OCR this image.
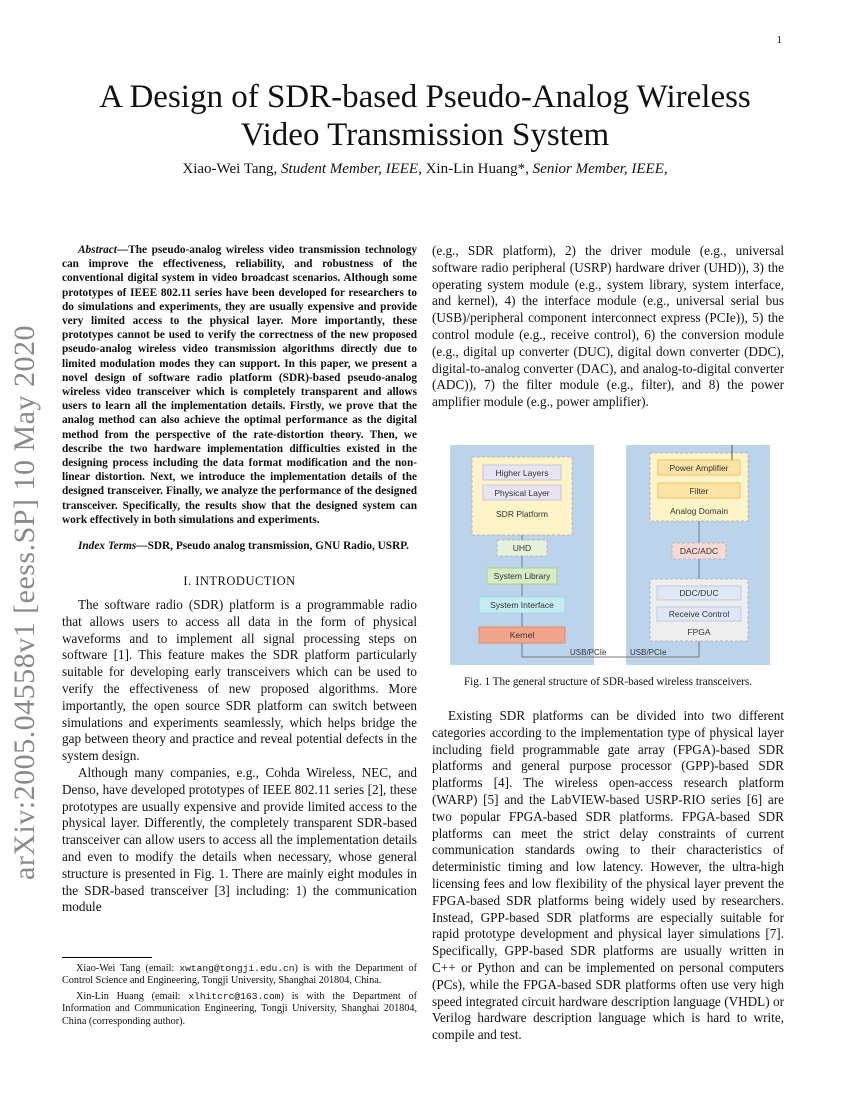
1
arXiv:2005.04558v1 [eess.SP] 10 May 2020
A Design of SDR-based Pseudo-Analog Wireless Video Transmission System
Xiao-Wei Tang, Student Member, IEEE, Xin-Lin Huang*, Senior Member, IEEE,

Abstract—The pseudo-analog wireless video transmission technology can improve the effectiveness, reliability, and robustness of the conventional digital system in video broadcast scenarios. Although some prototypes of IEEE 802.11 series have been developed for researchers to do simulations and experiments, they are usually expensive and provide very limited access to the physical layer. More importantly, these prototypes cannot be used to verify the correctness of the new proposed pseudo-analog wireless video transmission algorithms directly due to limited modulation modes they can support. In this paper, we present a novel design of software radio platform (SDR)-based pseudo-analog wireless video transceiver which is completely transparent and allows users to learn all the implementation details. Firstly, we prove that the analog method can also achieve the optimal performance as the digital method from the perspective of the rate-distortion theory. Then, we describe the two hardware implementation difficulties existed in the designing process including the data format modification and the non-linear distortion. Next, we introduce the implementation details of the designed transceiver. Finally, we analyze the performance of the designed transceiver. Specifically, the results show that the designed system can work effectively in both simulations and experiments.

Index Terms—SDR, Pseudo analog transmission, GNU Radio, USRP.

I. INTRODUCTION

The software radio (SDR) platform is a programmable radio that allows users to access all data in the form of physical waveforms and to implement all signal processing steps on software [1]. This feature makes the SDR platform particularly suitable for developing early transceivers which can be used to verify the effectiveness of new proposed algorithms. More importantly, the open source SDR platform can switch between simulations and experiments seamlessly, which helps bridge the gap between theory and practice and reveal potential defects in the system design.

Although many companies, e.g., Cohda Wireless, NEC, and Denso, have developed prototypes of IEEE 802.11 series [2], these prototypes are usually expensive and provide limited access to the physical layer. Differently, the completely transparent SDR-based transceiver can allow users to access all the implementation details and even to modify the details when necessary, whose general structure is presented in Fig. 1. There are mainly eight modules in the SDR-based transceiver [3] including: 1) the communication module

Xiao-Wei Tang (email: xwtang@tongji.edu.cn) is with the Department of Control Science and Engineering, Tongji University, Shanghai 201804, China.

Xin-Lin Huang (email: xlhitcrc@163.com) is with the Department of Information and Communication Engineering, Tongji University, Shanghai 201804, China (corresponding author).

(e.g., SDR platform), 2) the driver module (e.g., universal software radio peripheral (USRP) hardware driver (UHD)), 3) the operating system module (e.g., system library, system interface, and kernel), 4) the interface module (e.g., universal serial bus (USB)/peripheral component interconnect express (PCIe)), 5) the control module (e.g., receive control), 6) the conversion module (e.g., digital up converter (DUC), digital down converter (DDC), digital-to-analog converter (DAC), and analog-to-digital converter (ADC)), 7) the filter module (e.g., filter), and 8) the power amplifier module (e.g., power amplifier).

Higher Layers
Physical Layer
SDR Platform
UHD
System Library
System Interface
Kernel
Power Amplifier
Filter
Analog Domain
DAC/ADC
DDC/DUC
Receive Control
FPGA
USB/PCIe	USB/PCIe
Fig. 1 The general structure of SDR-based wireless transceivers.

Existing SDR platforms can be divided into two different categories according to the implementation type of physical layer including field programmable gate array (FPGA)-based SDR platforms and general purpose processor (GPP)-based SDR platforms [4]. The wireless open-access research platform (WARP) [5] and the LabVIEW-based USRP-RIO series [6] are two popular FPGA-based SDR platforms. FPGA-based SDR platforms can meet the strict delay constraints of current communication standards owing to their characteristics of deterministic timing and low latency. However, the ultra-high licensing fees and low flexibility of the physical layer prevent the FPGA-based SDR platforms being widely used by researchers. Instead, GPP-based SDR platforms are especially suitable for rapid prototype development and physical layer simulations [7]. Specifically, GPP-based SDR platforms are usually written in C++ or Python and can be implemented on personal computers (PCs), while the FPGA-based SDR platforms often use very high speed integrated circuit hardware description language (VHDL) or Verilog hardware description language which is hard to write, compile and test.
